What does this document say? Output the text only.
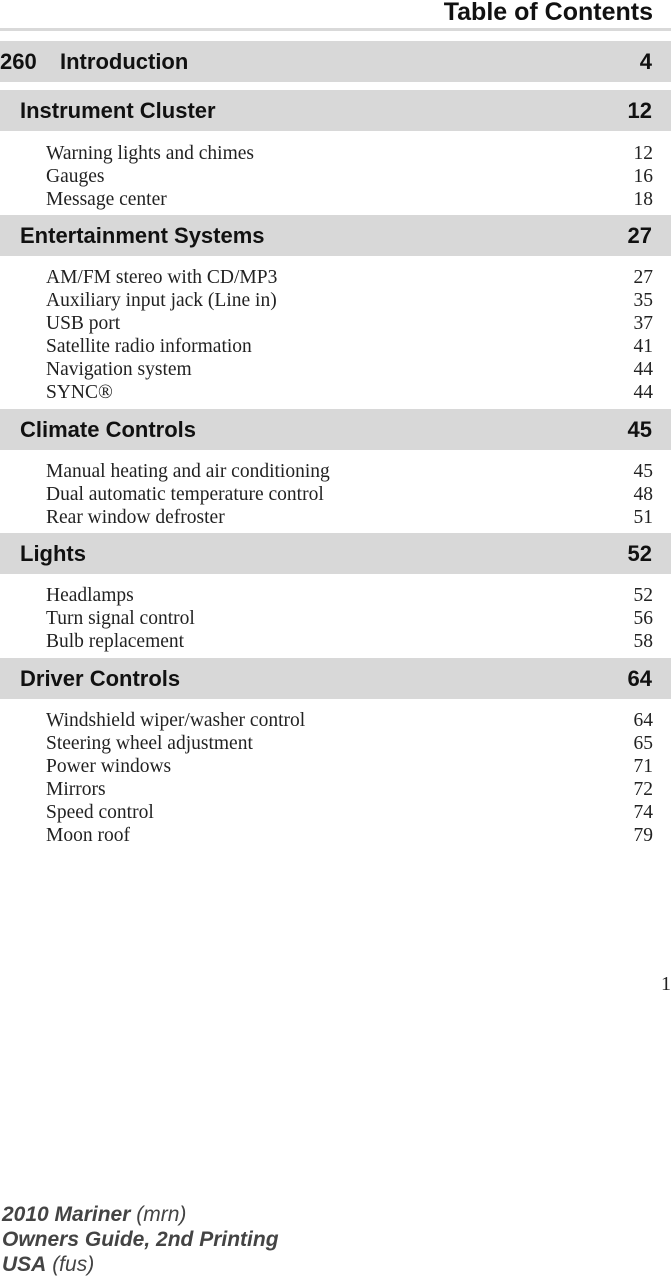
Table of Contents
260 Introduction	4
Instrument Cluster	12
Warning lights and chimes	12
Gauges	16
Message center	18
Entertainment Systems	27
AM/FM stereo with CD/MP3	27
Auxiliary input jack (Line in)	35
USB port	37
Satellite radio information	41
Navigation system	44
SYNC®	44
Climate Controls	45
Manual heating and air conditioning	45
Dual automatic temperature control	48
Rear window defroster	51
Lights	52
Headlamps	52
Turn signal control	56
Bulb replacement	58
Driver Controls	64
Windshield wiper/washer control	64
Steering wheel adjustment	65
Power windows	71
Mirrors	72
Speed control	74
Moon roof	79
1
2010 Mariner (mrn)
Owners Guide, 2nd Printing
USA (fus)
